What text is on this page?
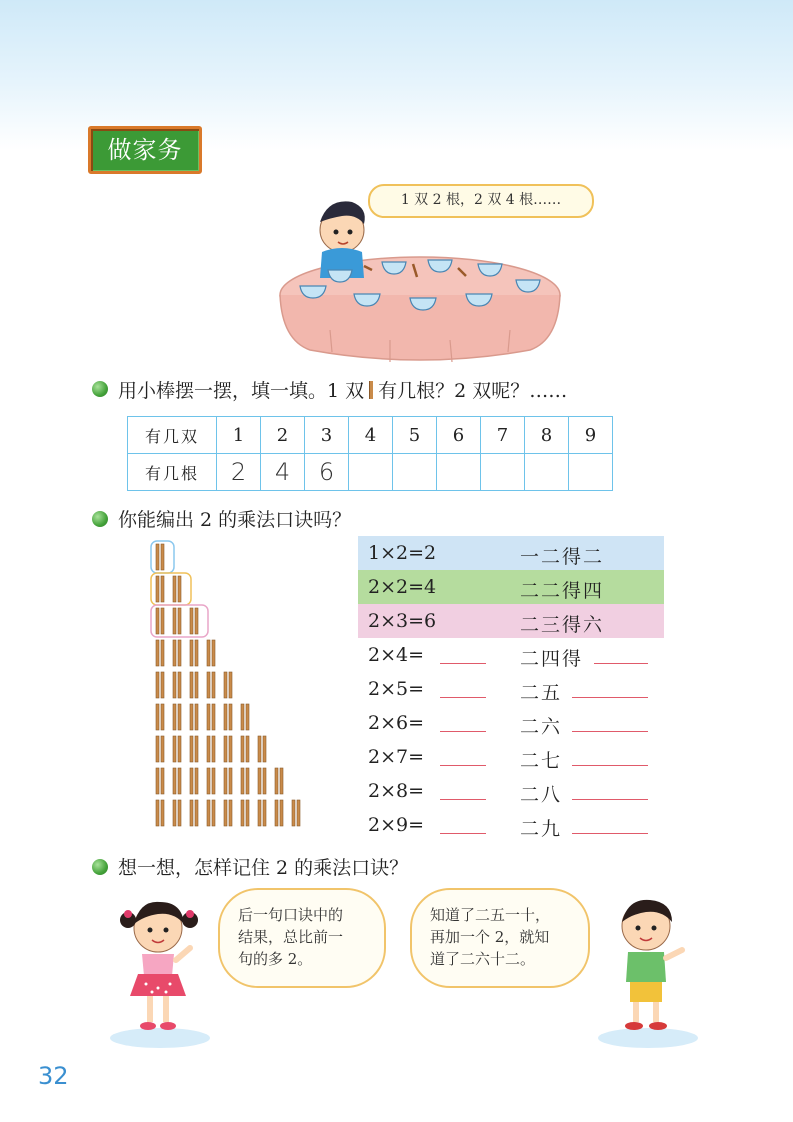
做家务
1 双 2 根，2 双 4 根……
用小棒摆一摆，填一填。1 双 有几根？2 双呢？……
有几双	1	2	3	4	5	6	7	8	9
有几根	2	4	6						
你能编出 2 的乘法口诀吗？
1×2=2	一二得二
2×2=4	二二得四
2×3=6	二三得六
2×4=	二四得
2×5=	二五
2×6=	二六
2×7=	二七
2×8=	二八
2×9=	二九
想一想，怎样记住 2 的乘法口诀？
后一句口诀中的
结果，总比前一
句的多 2。
知道了二五一十，
再加一个 2，就知
道了二六十二。
32
